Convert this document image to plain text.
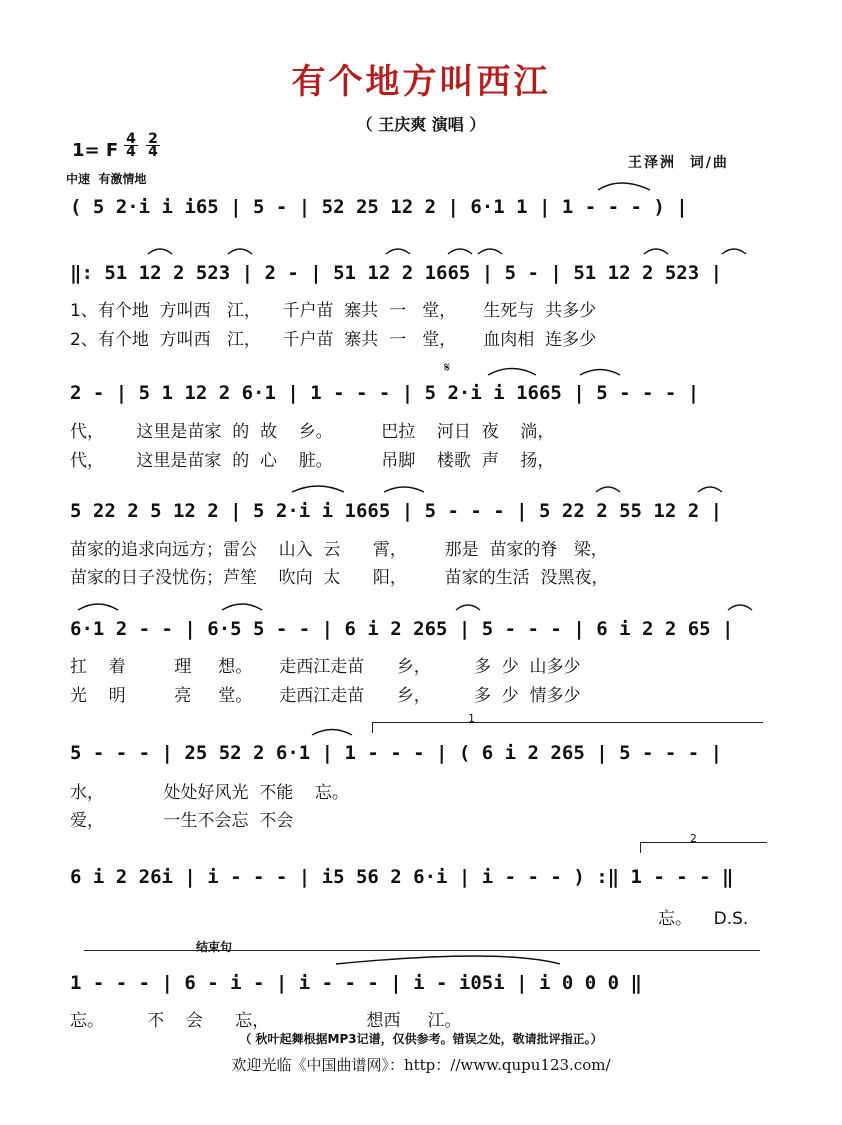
有个地方叫西江
（ 王庆爽 演唱 ）
1= F
4
4
2
4
中速  有激情地
王泽洲  词/曲
( 5 2·i i i65 | 5 - | 52 25 12 2 | 6·1 1 | 1 - - - ) |
‖: 51 12 2 523 | 2 - | 51 12 2 1665 | 5 - | 51 12 2 523 |
1、有个地  方叫西   江，    千户苗  寨共  一   堂，     生死与  共多少
2、有个地  方叫西   江，    千户苗  寨共  一   堂，     血肉相  连多少
2 - | 5 1 12 2 6·1 | 1 - - - | 5 2·i i 1665 | 5 - - - |
代，      这里是苗家  的  故    乡。         巴拉    河日  夜    淌，
代，      这里是苗家  的  心    脏。         吊脚    楼歌  声    扬，
5 22 2 5 12 2 | 5 2·i i 1665 | 5 - - - | 5 22 2 55 12 2 |
苗家的追求向远方；雷公    山入  云      霄，       那是  苗家的脊   梁，
苗家的日子没忧伤；芦笙    吹向  太      阳，       苗家的生活  没黑夜，
6·1 2 - - | 6·5 5 - - | 6 i 2 265 | 5 - - - | 6 i 2 2 65 |
扛    着         理     想。     走西江走苗      乡，        多  少  山多少
光    明         亮     堂。     走西江走苗      乡，        多  少  情多少
1
5 - - - | 25 52 2 6·1 | 1 - - - | ( 6 i 2 265 | 5 - - - |
水，           处处好风光  不能    忘。
爱，           一生不会忘  不会
2
6 i 2 26i | i - - - | i5 56 2 6·i | i - - - ) :‖ 1 - - - ‖
忘。    D.S.
结束句
1 - - - | 6 - i - | i - - - | i - i05i | i 0 0 0 ‖
忘。        不    会      忘，                  想西     江。
𝄋
（ 秋叶起舞根据MP3记谱，仅供参考。错误之处，敬请批评指正。）
欢迎光临《中国曲谱网》：http：//www.qupu123.com/
